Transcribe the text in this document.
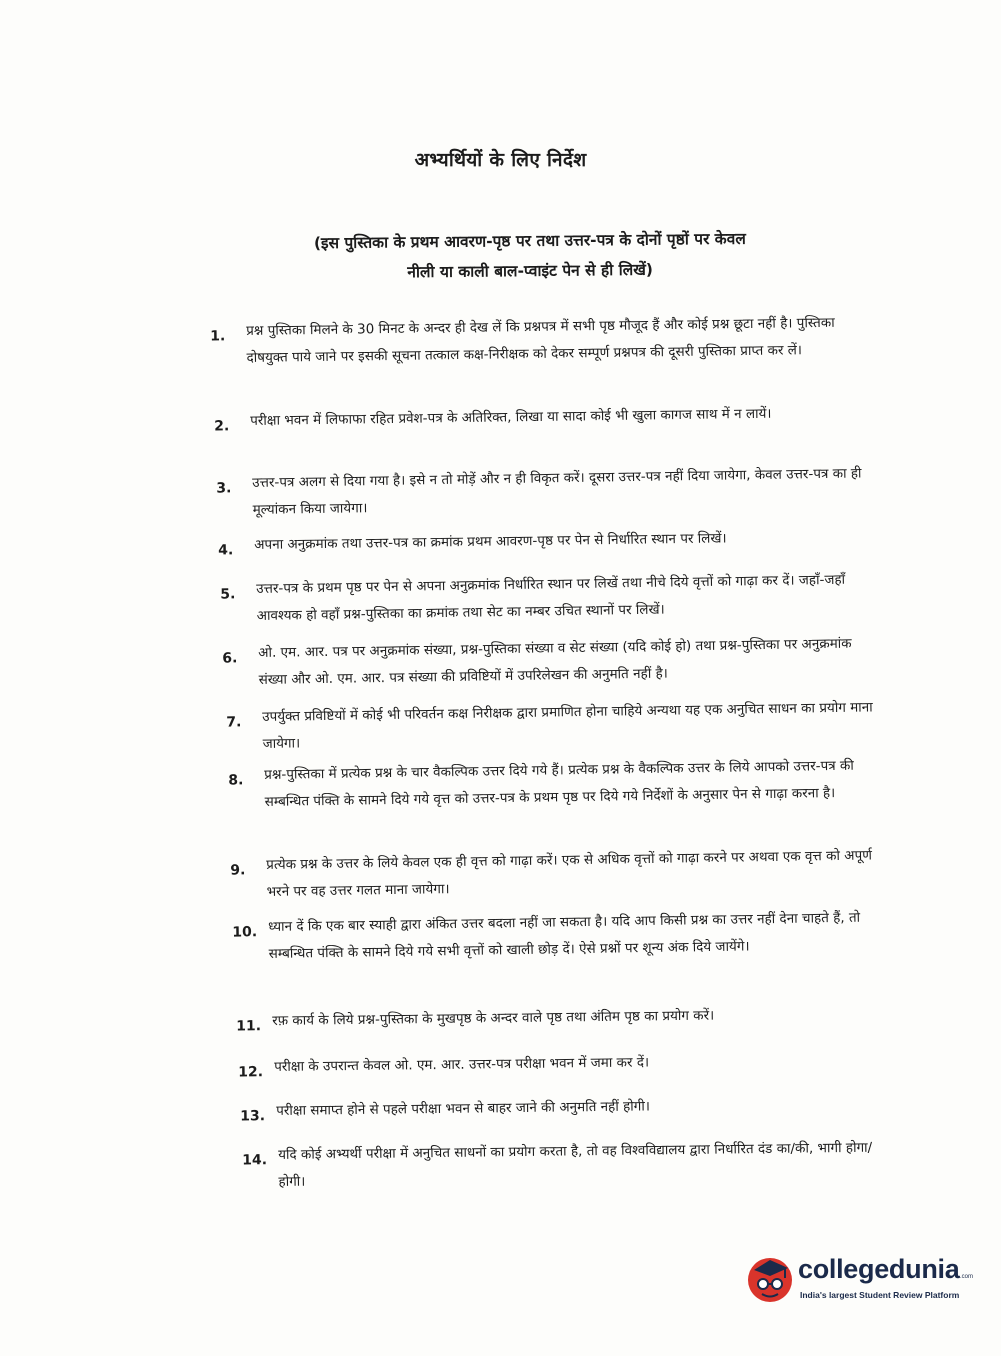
अभ्यर्थियों के लिए निर्देश
(इस पुस्तिका के प्रथम आवरण-पृष्ठ पर तथा उत्तर-पत्र के दोनों पृष्ठों पर केवल
नीली या काली बाल-प्वाइंट पेन से ही लिखें)
1. प्रश्न पुस्तिका मिलने के 30 मिनट के अन्दर ही देख लें कि प्रश्नपत्र में सभी पृष्ठ मौजूद हैं और कोई प्रश्न छूटा नहीं है। पुस्तिका दोषयुक्त पाये जाने पर इसकी सूचना तत्काल कक्ष-निरीक्षक को देकर सम्पूर्ण प्रश्नपत्र की दूसरी पुस्तिका प्राप्त कर लें।
2. परीक्षा भवन में लिफाफा रहित प्रवेश-पत्र के अतिरिक्त, लिखा या सादा कोई भी खुला कागज साथ में न लायें।
3. उत्तर-पत्र अलग से दिया गया है। इसे न तो मोड़ें और न ही विकृत करें। दूसरा उत्तर-पत्र नहीं दिया जायेगा, केवल उत्तर-पत्र का ही मूल्यांकन किया जायेगा।
4. अपना अनुक्रमांक तथा उत्तर-पत्र का क्रमांक प्रथम आवरण-पृष्ठ पर पेन से निर्धारित स्थान पर लिखें।
5. उत्तर-पत्र के प्रथम पृष्ठ पर पेन से अपना अनुक्रमांक निर्धारित स्थान पर लिखें तथा नीचे दिये वृत्तों को गाढ़ा कर दें। जहाँ-जहाँ आवश्यक हो वहाँ प्रश्न-पुस्तिका का क्रमांक तथा सेट का नम्बर उचित स्थानों पर लिखें।
6. ओ. एम. आर. पत्र पर अनुक्रमांक संख्या, प्रश्न-पुस्तिका संख्या व सेट संख्या (यदि कोई हो) तथा प्रश्न-पुस्तिका पर अनुक्रमांक संख्या और ओ. एम. आर. पत्र संख्या की प्रविष्टियों में उपरिलेखन की अनुमति नहीं है।
7. उपर्युक्त प्रविष्टियों में कोई भी परिवर्तन कक्ष निरीक्षक द्वारा प्रमाणित होना चाहिये अन्यथा यह एक अनुचित साधन का प्रयोग माना जायेगा।
8. प्रश्न-पुस्तिका में प्रत्येक प्रश्न के चार वैकल्पिक उत्तर दिये गये हैं। प्रत्येक प्रश्न के वैकल्पिक उत्तर के लिये आपको उत्तर-पत्र की सम्बन्धित पंक्ति के सामने दिये गये वृत्त को उत्तर-पत्र के प्रथम पृष्ठ पर दिये गये निर्देशों के अनुसार पेन से गाढ़ा करना है।
9. प्रत्येक प्रश्न के उत्तर के लिये केवल एक ही वृत्त को गाढ़ा करें। एक से अधिक वृत्तों को गाढ़ा करने पर अथवा एक वृत्त को अपूर्ण भरने पर वह उत्तर गलत माना जायेगा।
10. ध्यान दें कि एक बार स्याही द्वारा अंकित उत्तर बदला नहीं जा सकता है। यदि आप किसी प्रश्न का उत्तर नहीं देना चाहते हैं, तो सम्बन्धित पंक्ति के सामने दिये गये सभी वृत्तों को खाली छोड़ दें। ऐसे प्रश्नों पर शून्य अंक दिये जायेंगे।
11. रफ़ कार्य के लिये प्रश्न-पुस्तिका के मुखपृष्ठ के अन्दर वाले पृष्ठ तथा अंतिम पृष्ठ का प्रयोग करें।
12. परीक्षा के उपरान्त केवल ओ. एम. आर. उत्तर-पत्र परीक्षा भवन में जमा कर दें।
13. परीक्षा समाप्त होने से पहले परीक्षा भवन से बाहर जाने की अनुमति नहीं होगी।
14. यदि कोई अभ्यर्थी परीक्षा में अनुचित साधनों का प्रयोग करता है, तो वह विश्वविद्यालय द्वारा निर्धारित दंड का/की, भागी होगा/होगी।
collegedunia .com
India's largest Student Review Platform
